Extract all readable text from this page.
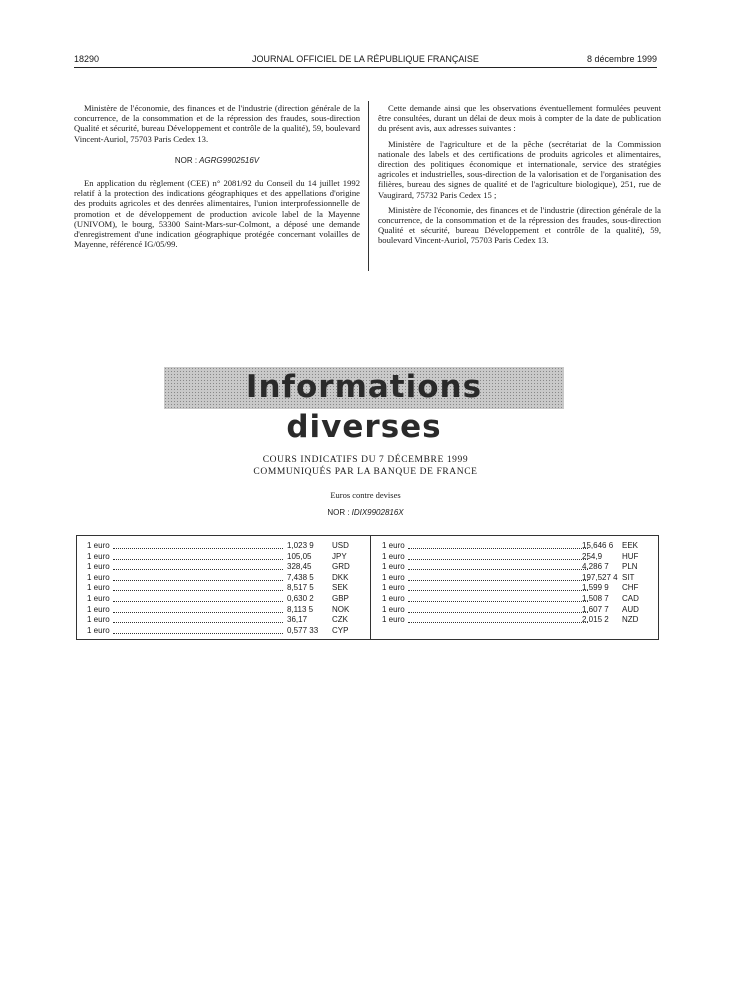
18290	JOURNAL OFFICIEL DE LA RÉPUBLIQUE FRANÇAISE	8 décembre 1999

Ministère de l'économie, des finances et de l'industrie (direction générale de la concurrence, de la consommation et de la répression des fraudes, sous-direction Qualité et sécurité, bureau Développement et contrôle de la qualité), 59, boulevard Vincent-Auriol, 75703 Paris Cedex 13.

NOR : AGRG9902516V

En application du règlement (CEE) n° 2081/92 du Conseil du 14 juillet 1992 relatif à la protection des indications géographiques et des appellations d'origine des produits agricoles et des denrées alimentaires, l'union interprofessionnelle de promotion et de développement de production avicole label de la Mayenne (UNIVOM), le bourg, 53300 Saint-Mars-sur-Colmont, a déposé une demande d'enregistrement d'une indication géographique protégée concernant volailles de Mayenne, référencé IG/05/99.

Cette demande ainsi que les observations éventuellement formulées peuvent être consultées, durant un délai de deux mois à compter de la date de publication du présent avis, aux adresses suivantes :

Ministère de l'agriculture et de la pêche (secrétariat de la Commission nationale des labels et des certifications de produits agricoles et alimentaires, direction des politiques économique et internationale, service des stratégies agricoles et industrielles, sous-direction de la valorisation et de l'organisation des filières, bureau des signes de qualité et de l'agriculture biologique), 251, rue de Vaugirard, 75732 Paris Cedex 15 ;

Ministère de l'économie, des finances et de l'industrie (direction générale de la concurrence, de la consommation et de la répression des fraudes, sous-direction Qualité et sécurité, bureau Développement et contrôle de la qualité), 59, boulevard Vincent-Auriol, 75703 Paris Cedex 13.

Informations diverses
COURS INDICATIFS DU 7 DÉCEMBRE 1999
COMMUNIQUÉS PAR LA BANQUE DE FRANCE
Euros contre devises
NOR : IDIX9902816X
1 euro	1,023 9 USD
1 euro	105,05	JPY
1 euro	328,45	GRD
1 euro	7,438 5 DKK
1 euro	8,517 5 SEK
1 euro	0,630 2 GBP
1 euro	8,113 5 NOK
1 euro	36,17	CZK
1 euro	0,577 33 CYP
1 euro	15,646 6 EEK
1 euro	254,9 HUF
1 euro	4,286 7 PLN
1 euro	197,527 4 SIT
1 euro	1,599 9 CHF
1 euro	1,508 7 CAD
1 euro	1,607 7 AUD
1 euro	2,015 2 NZD
